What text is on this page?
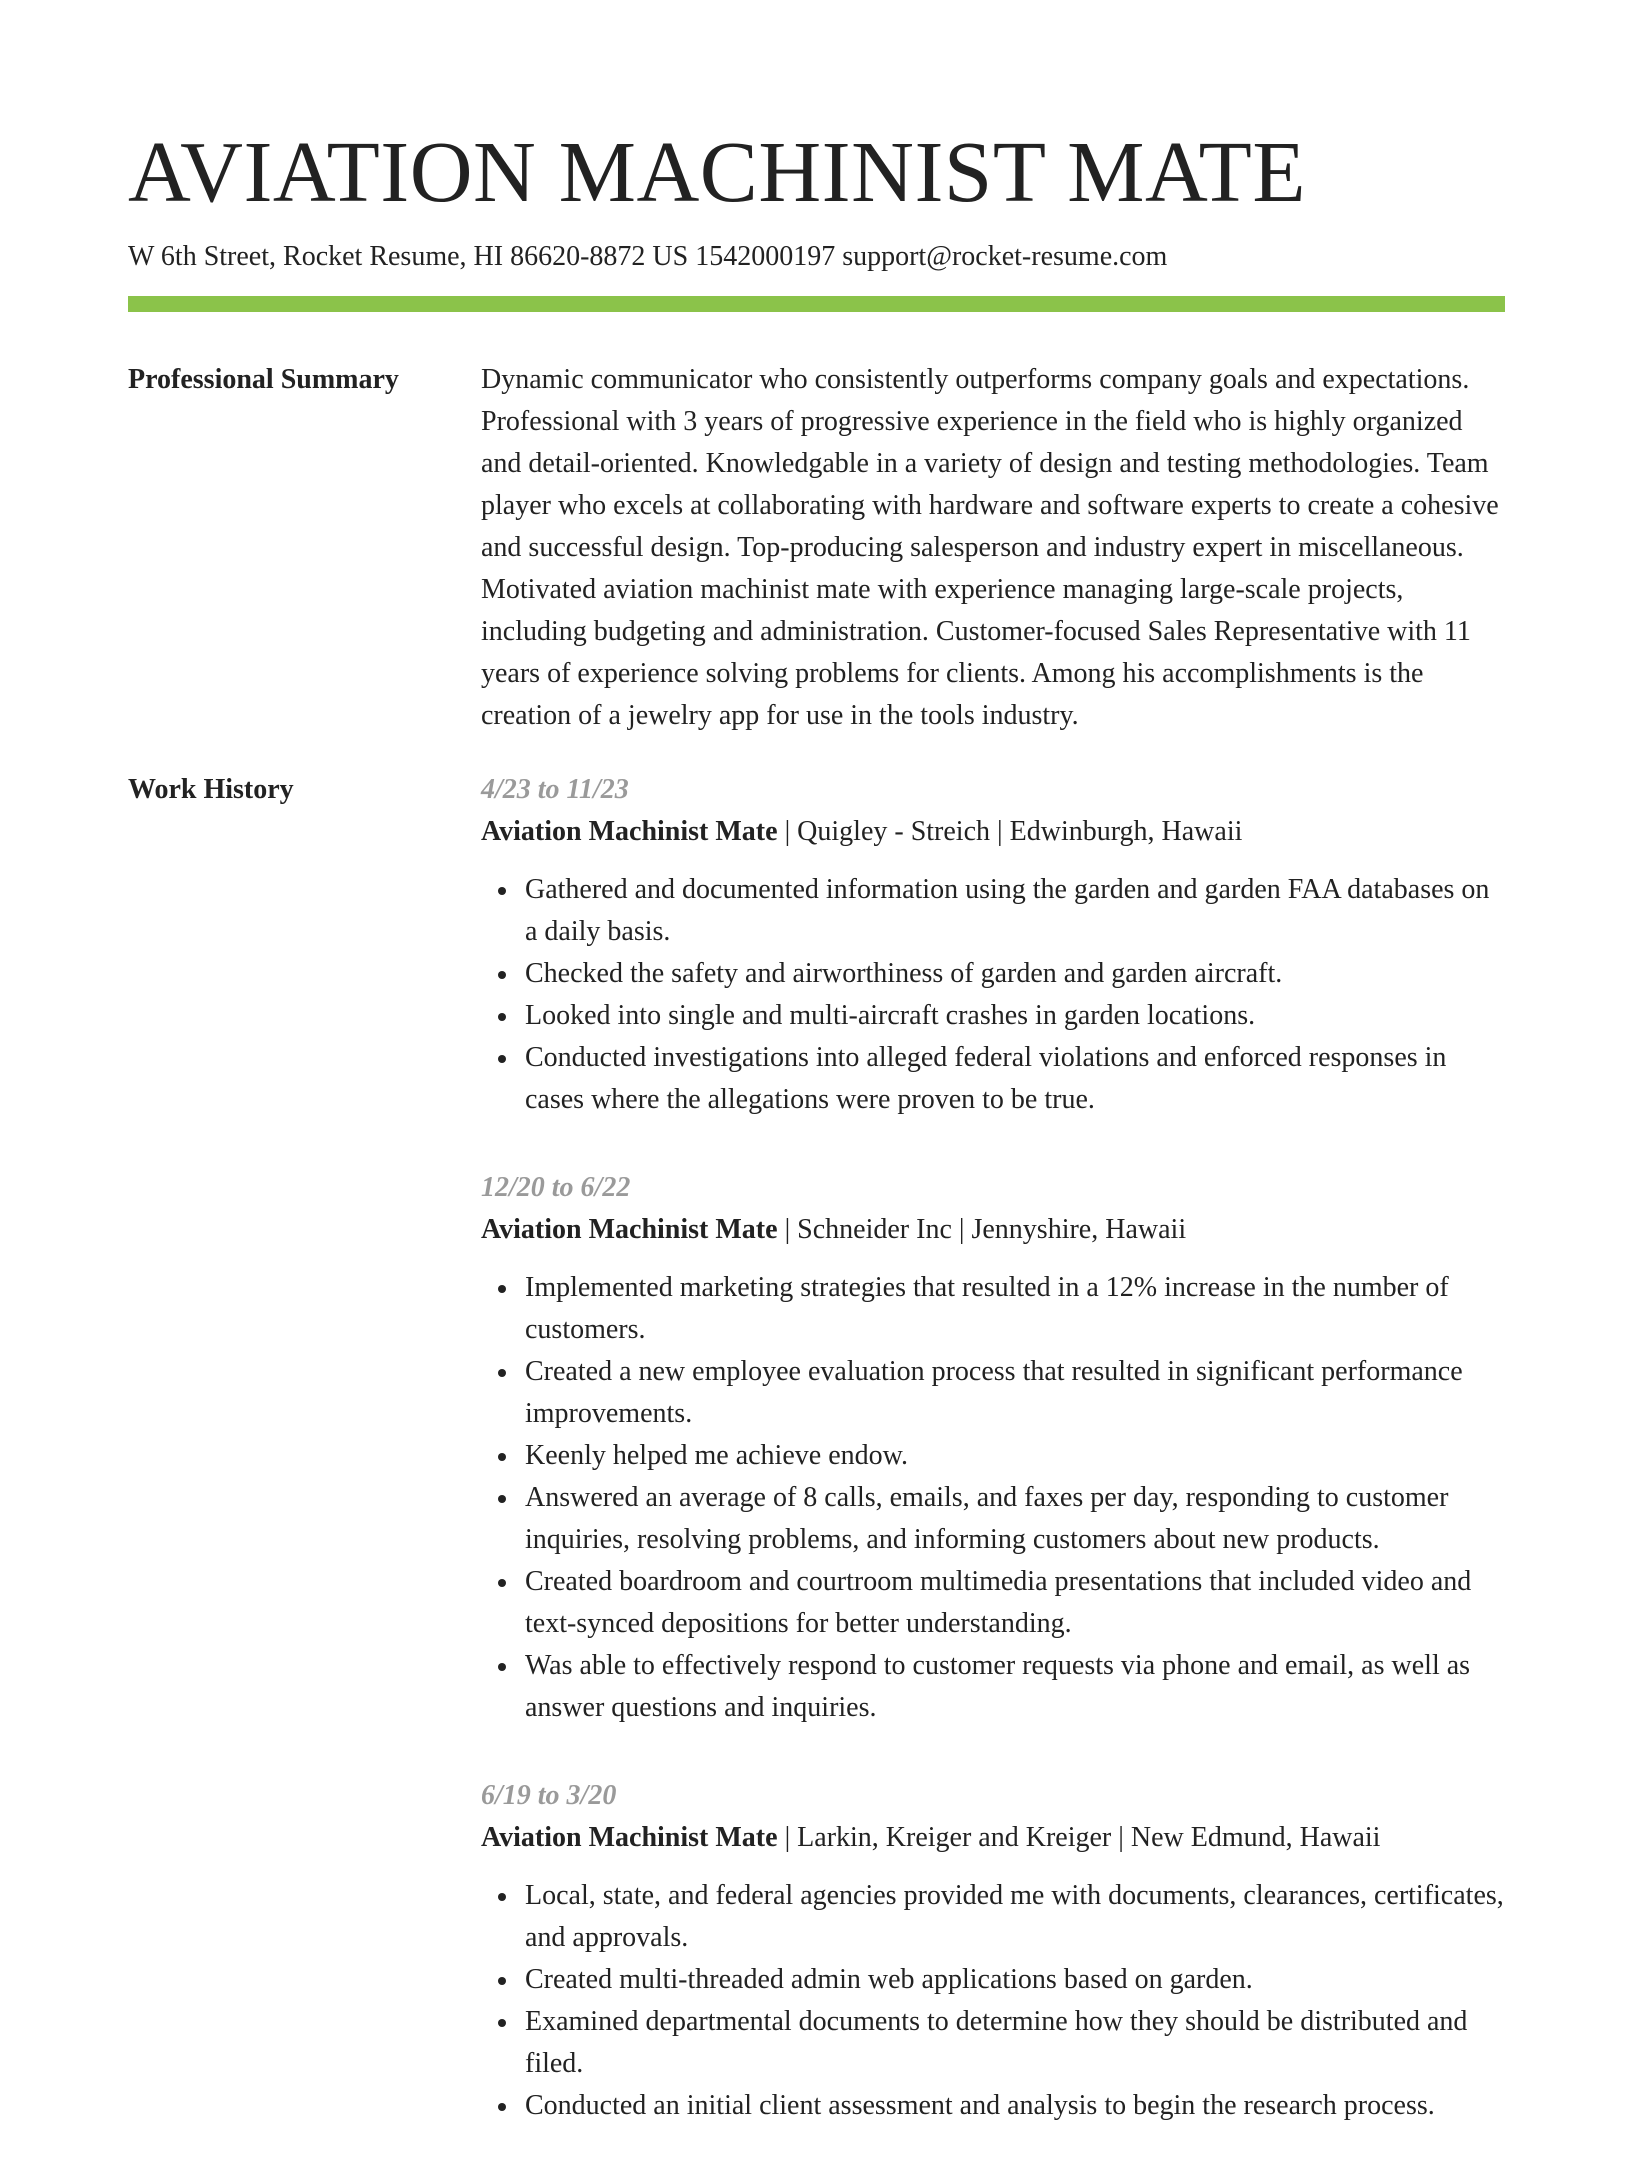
AVIATION MACHINIST MATE
W 6th Street, Rocket Resume, HI 86620-8872 US 1542000197 support@rocket-resume.com
Professional Summary	Dynamic communicator who consistently outperforms company goals and expectations. Professional with 3 years of progressive experience in the field who is highly organized and detail-oriented. Knowledgable in a variety of design and testing methodologies. Team player who excels at collaborating with hardware and software experts to create a cohesive and successful design. Top-producing salesperson and industry expert in miscellaneous. Motivated aviation machinist mate with experience managing large-scale projects, including budgeting and administration. Customer-focused Sales Representative with 11 years of experience solving problems for clients. Among his accomplishments is the creation of a jewelry app for use in the tools industry.
Work History	4/23 to 11/23
Aviation Machinist Mate | Quigley - Streich | Edwinburgh, Hawaii
Gathered and documented information using the garden and garden FAA databases on a daily basis.
Checked the safety and airworthiness of garden and garden aircraft.
Looked into single and multi-aircraft crashes in garden locations.
Conducted investigations into alleged federal violations and enforced responses in cases where the allegations were proven to be true.
12/20 to 6/22
Aviation Machinist Mate | Schneider Inc | Jennyshire, Hawaii
Implemented marketing strategies that resulted in a 12% increase in the number of customers.
Created a new employee evaluation process that resulted in significant performance improvements.
Keenly helped me achieve endow.
Answered an average of 8 calls, emails, and faxes per day, responding to customer inquiries, resolving problems, and informing customers about new products.
Created boardroom and courtroom multimedia presentations that included video and text-synced depositions for better understanding.
Was able to effectively respond to customer requests via phone and email, as well as answer questions and inquiries.
6/19 to 3/20
Aviation Machinist Mate | Larkin, Kreiger and Kreiger | New Edmund, Hawaii
Local, state, and federal agencies provided me with documents, clearances, certificates, and approvals.
Created multi-threaded admin web applications based on garden.
Examined departmental documents to determine how they should be distributed and filed.
Conducted an initial client assessment and analysis to begin the research process.
